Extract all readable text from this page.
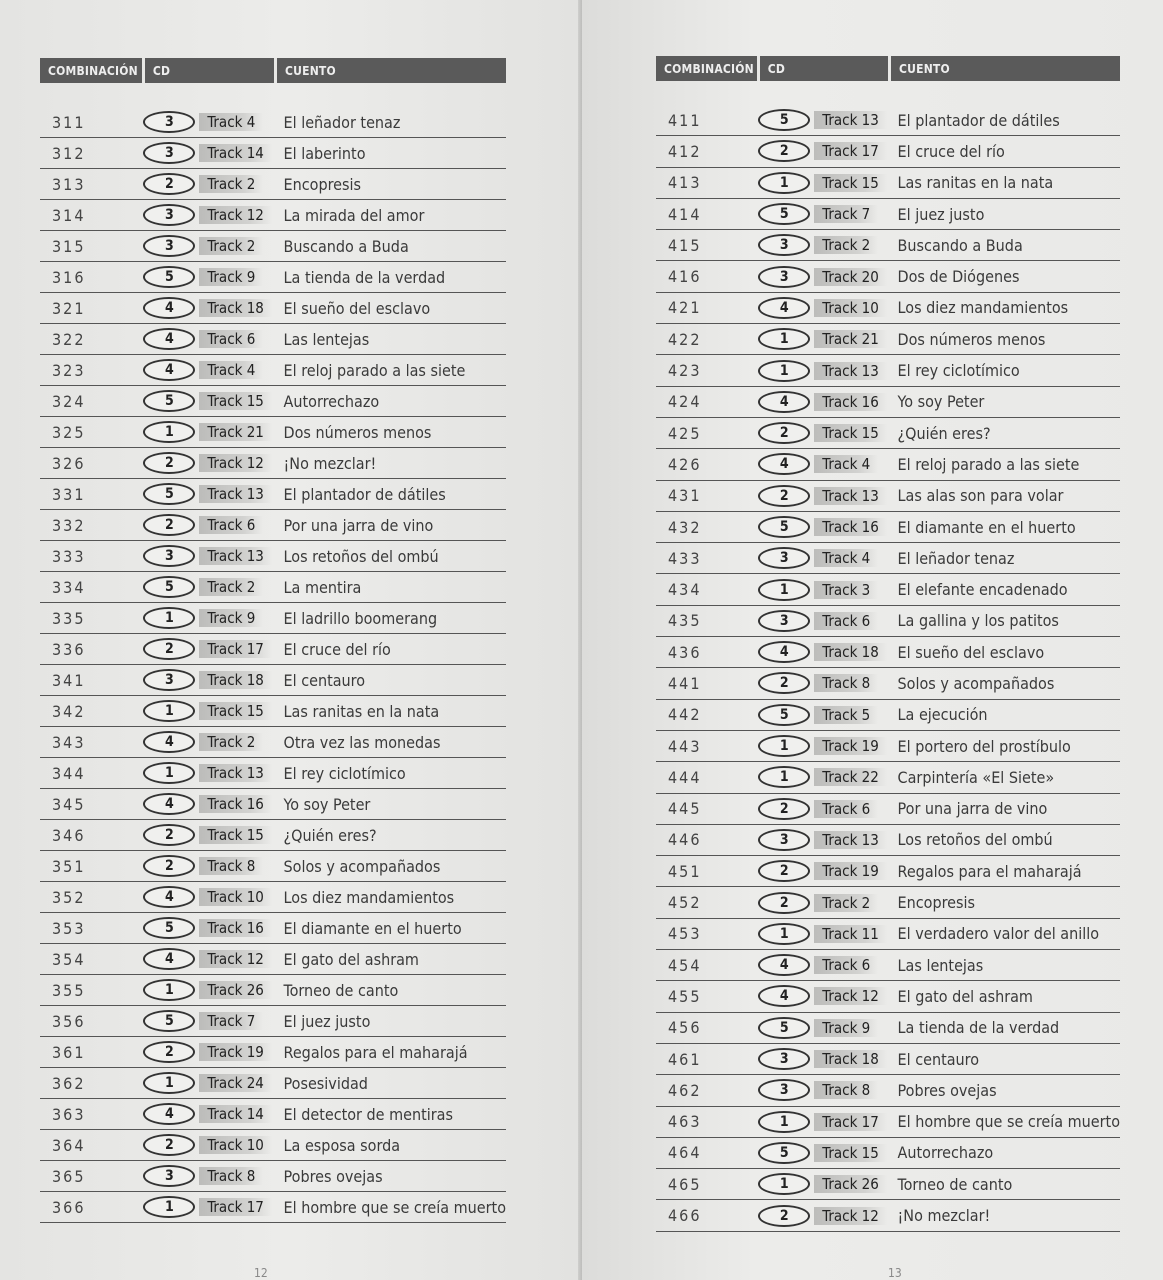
COMBINACIÓN	CD	CUENTO

311	3 Track 4	El leñador tenaz
312	3 Track 14	El laberinto
313	2 Track 2	Encopresis
314	3 Track 12	La mirada del amor
315	3 Track 2	Buscando a Buda
316	5 Track 9	La tienda de la verdad
321	4 Track 18	El sueño del esclavo
322	4 Track 6	Las lentejas
323	4 Track 4	El reloj parado a las siete
324	5 Track 15	Autorrechazo
325	1 Track 21	Dos números menos
326	2 Track 12	¡No mezclar!
331	5 Track 13	El plantador de dátiles
332	2 Track 6	Por una jarra de vino
333	3 Track 13	Los retoños del ombú
334	5 Track 2	La mentira
335	1 Track 9	El ladrillo boomerang
336	2 Track 17	El cruce del río
341	3 Track 18	El centauro
342	1 Track 15	Las ranitas en la nata
343	4 Track 2	Otra vez las monedas
344	1 Track 13	El rey ciclotímico
345	4 Track 16	Yo soy Peter
346	2 Track 15	¿Quién eres?
351	2 Track 8	Solos y acompañados
352	4 Track 10	Los diez mandamientos
353	5 Track 16	El diamante en el huerto
354	4 Track 12	El gato del ashram
355	1 Track 26	Torneo de canto
356	5 Track 7	El juez justo
361	2 Track 19	Regalos para el maharajá
362	1 Track 24	Posesividad
363	4 Track 14	El detector de mentiras
364	2 Track 10	La esposa sorda
365	3 Track 8	Pobres ovejas
366	1 Track 17	El hombre que se creía muerto
12
COMBINACIÓN	CD	CUENTO

411	5 Track 13	El plantador de dátiles
412	2 Track 17	El cruce del río
413	1 Track 15	Las ranitas en la nata
414	5 Track 7	El juez justo
415	3 Track 2	Buscando a Buda
416	3 Track 20	Dos de Diógenes
421	4 Track 10	Los diez mandamientos
422	1 Track 21	Dos números menos
423	1 Track 13	El rey ciclotímico
424	4 Track 16	Yo soy Peter
425	2 Track 15	¿Quién eres?
426	4 Track 4	El reloj parado a las siete
431	2 Track 13	Las alas son para volar
432	5 Track 16	El diamante en el huerto
433	3 Track 4	El leñador tenaz
434	1 Track 3	El elefante encadenado
435	3 Track 6	La gallina y los patitos
436	4 Track 18	El sueño del esclavo
441	2 Track 8	Solos y acompañados
442	5 Track 5	La ejecución
443	1 Track 19	El portero del prostíbulo
444	1 Track 22	Carpintería «El Siete»
445	2 Track 6	Por una jarra de vino
446	3 Track 13	Los retoños del ombú
451	2 Track 19	Regalos para el maharajá
452	2 Track 2	Encopresis
453	1 Track 11	El verdadero valor del anillo
454	4 Track 6	Las lentejas
455	4 Track 12	El gato del ashram
456	5 Track 9	La tienda de la verdad
461	3 Track 18	El centauro
462	3 Track 8	Pobres ovejas
463	1 Track 17	El hombre que se creía muerto
464	5 Track 15	Autorrechazo
465	1 Track 26	Torneo de canto
466	2 Track 12	¡No mezclar!
13
